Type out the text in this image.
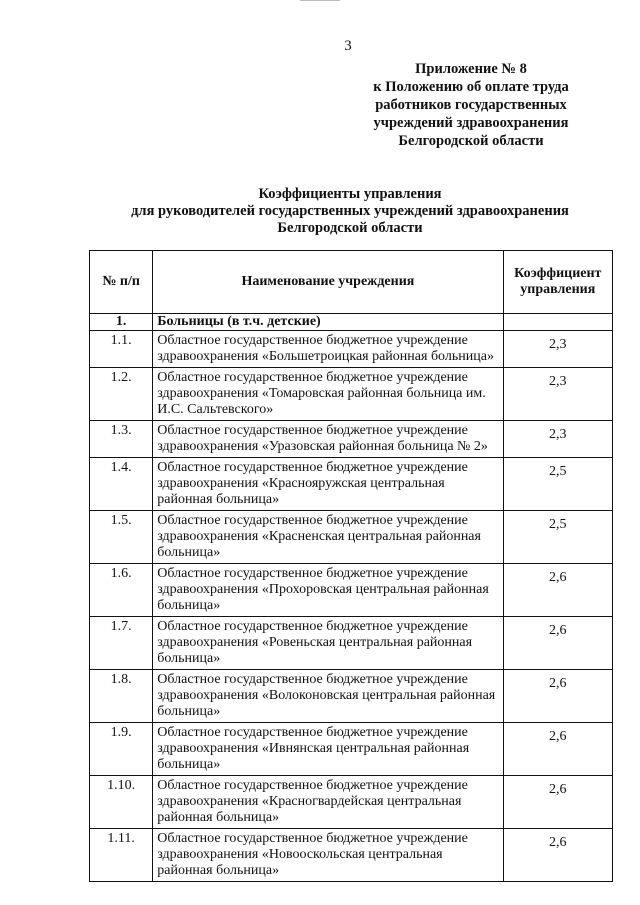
3
Приложение № 8
к Положению об оплате труда
работников государственных
учреждений здравоохранения
Белгородской области
Коэффициенты управления
для руководителей государственных учреждений здравоохранения
Белгородской области
№ п/п	Наименование учреждения	Коэффициент управления
1.	Больницы (в т.ч. детские)	
1.1.	Областное государственное бюджетное учреждение здравоохранения «Большетроицкая районная больница»	2,3
1.2.	Областное государственное бюджетное учреждение здравоохранения «Томаровская районная больница им. И.С. Сальтевского»	2,3
1.3.	Областное государственное бюджетное учреждение здравоохранения «Уразовская районная больница № 2»	2,3
1.4.	Областное государственное бюджетное учреждение здравоохранения «Краснояружская центральная районная больница»	2,5
1.5.	Областное государственное бюджетное учреждение здравоохранения «Красненская центральная районная больница»	2,5
1.6.	Областное государственное бюджетное учреждение здравоохранения «Прохоровская центральная районная больница»	2,6
1.7.	Областное государственное бюджетное учреждение здравоохранения «Ровеньская центральная районная больница»	2,6
1.8.	Областное государственное бюджетное учреждение здравоохранения «Волоконовская центральная районная больница»	2,6
1.9.	Областное государственное бюджетное учреждение здравоохранения «Ивнянская центральная районная больница»	2,6
1.10.	Областное государственное бюджетное учреждение здравоохранения «Красногвардейская центральная районная больница»	2,6
1.11.	Областное государственное бюджетное учреждение здравоохранения «Новооскольская центральная районная больница»	2,6
